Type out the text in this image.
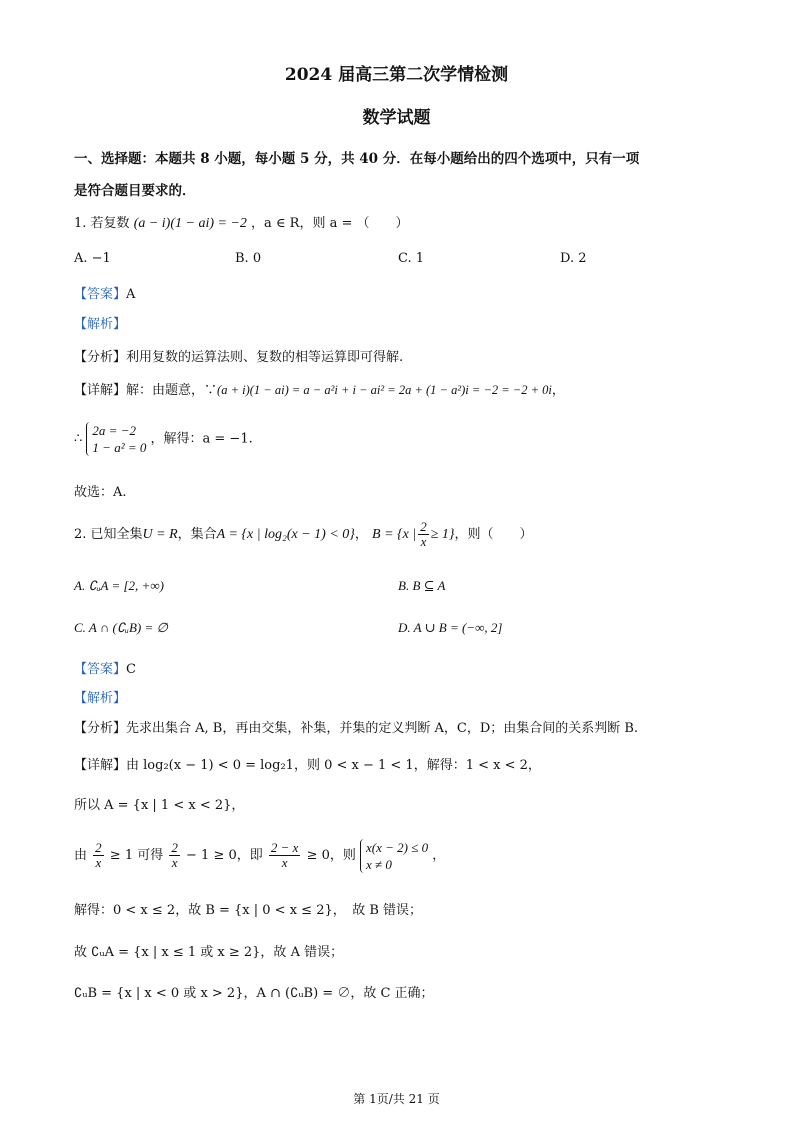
2024 届高三第二次学情检测
数学试题
一、选择题：本题共 8 小题，每小题 5 分，共 40 分．在每小题给出的四个选项中，只有一项
是符合题目要求的．
1. 若复数 (a − i)(1 − ai) = −2 ，a ∈ R，则 a = （　　）
A. −1	B. 0	C. 1	D. 2
【答案】A
【解析】
【分析】利用复数的运算法则、复数的相等运算即可得解.
【详解】解：由题意，∵(a + i)(1 − ai) = a − a²i + i − ai² = 2a + (1 − a²)i = −2 = −2 + 0i，
∴
2a = −2
1 − a² = 0
，解得：a = −1.
故选：A.
2. 已知全集U = R，集合A = {x | log₂(x − 1) < 0}， B = {x | $\frac{2}{x} \ge 1$}，则（　　）
A. ∁ᵤA = [2, +∞)	B. B ⊆ A
C. A ∩ (∁ᵤB) = ∅	D. A ∪ B = (−∞, 2]
【答案】C
【解析】
【分析】先求出集合 A, B，再由交集，补集，并集的定义判断 A，C，D；由集合间的关系判断 B.
【详解】由 log₂(x − 1) < 0 = log₂1，则 0 < x − 1 < 1，解得：1 < x < 2，
所以 A = {x | 1 < x < 2}，
由 $\frac{2}{x} \ge 1$ 可得 $\frac{2}{x} - 1 \ge 0$，即 $\frac{2 - x}{x} \ge 0$，则
x(x − 2) ≤ 0
x ≠ 0
，
解得：0 < x ≤ 2，故 B = {x | 0 < x ≤ 2}，　故 B 错误；
故 ∁ᵤA = {x | x ≤ 1 或 x ≥ 2}，故 A 错误；
∁ᵤB = {x | x < 0 或 x > 2}，A ∩ (∁ᵤB) = ∅，故 C 正确；
第 1页/共 21 页
